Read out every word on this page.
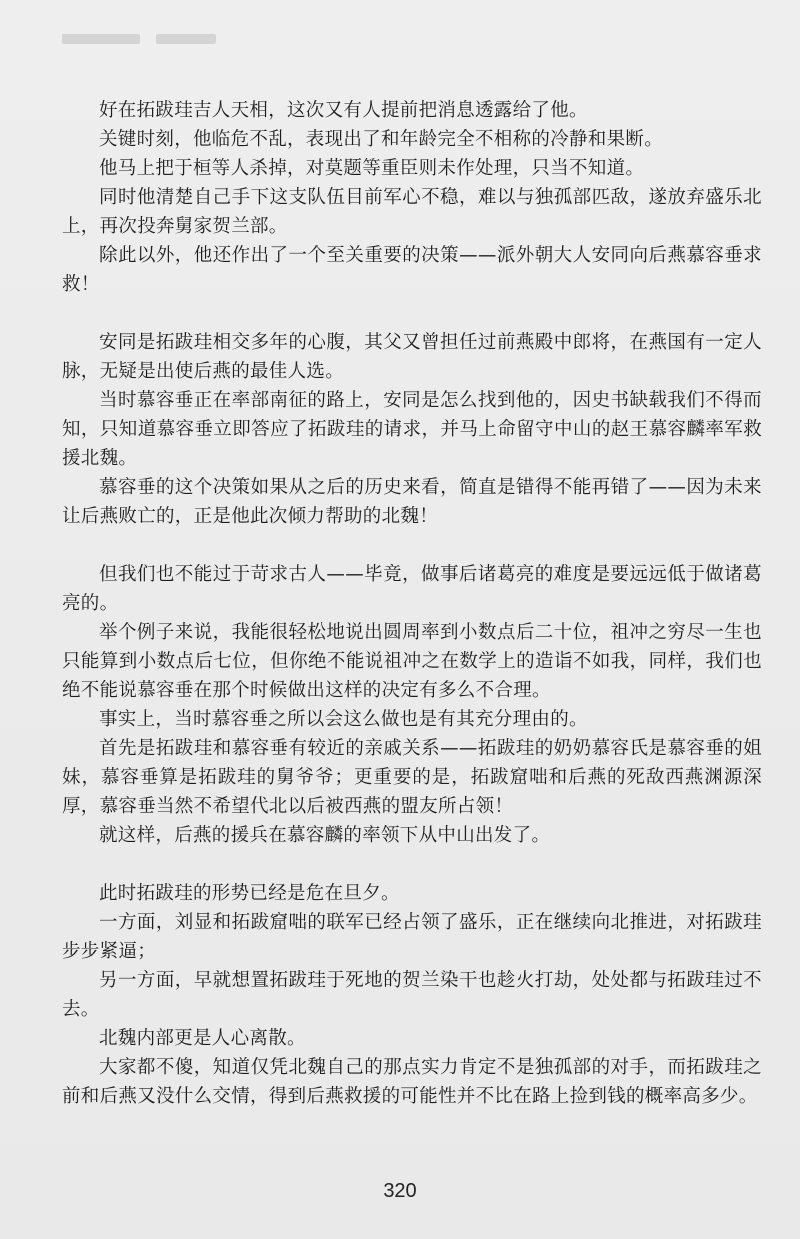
好在拓跋珪吉人天相，这次又有人提前把消息透露给了他。

关键时刻，他临危不乱，表现出了和年龄完全不相称的冷静和果断。

他马上把于桓等人杀掉，对莫题等重臣则未作处理，只当不知道。

同时他清楚自己手下这支队伍目前军心不稳，难以与独孤部匹敌，遂放弃盛乐北上，再次投奔舅家贺兰部。

除此以外，他还作出了一个至关重要的决策——派外朝大人安同向后燕慕容垂求救！

安同是拓跋珪相交多年的心腹，其父又曾担任过前燕殿中郎将，在燕国有一定人脉，无疑是出使后燕的最佳人选。

当时慕容垂正在率部南征的路上，安同是怎么找到他的，因史书缺载我们不得而知，只知道慕容垂立即答应了拓跋珪的请求，并马上命留守中山的赵王慕容麟率军救援北魏。

慕容垂的这个决策如果从之后的历史来看，简直是错得不能再错了——因为未来让后燕败亡的，正是他此次倾力帮助的北魏！

但我们也不能过于苛求古人——毕竟，做事后诸葛亮的难度是要远远低于做诸葛亮的。

举个例子来说，我能很轻松地说出圆周率到小数点后二十位，祖冲之穷尽一生也只能算到小数点后七位，但你绝不能说祖冲之在数学上的造诣不如我，同样，我们也绝不能说慕容垂在那个时候做出这样的决定有多么不合理。

事实上，当时慕容垂之所以会这么做也是有其充分理由的。

首先是拓跋珪和慕容垂有较近的亲戚关系——拓跋珪的奶奶慕容氏是慕容垂的姐妹，慕容垂算是拓跋珪的舅爷爷；更重要的是，拓跋窟咄和后燕的死敌西燕渊源深厚，慕容垂当然不希望代北以后被西燕的盟友所占领！

就这样，后燕的援兵在慕容麟的率领下从中山出发了。

此时拓跋珪的形势已经是危在旦夕。

一方面，刘显和拓跋窟咄的联军已经占领了盛乐，正在继续向北推进，对拓跋珪步步紧逼；

另一方面，早就想置拓跋珪于死地的贺兰染干也趁火打劫，处处都与拓跋珪过不去。

北魏内部更是人心离散。

大家都不傻，知道仅凭北魏自己的那点实力肯定不是独孤部的对手，而拓跋珪之前和后燕又没什么交情，得到后燕救援的可能性并不比在路上捡到钱的概率高多少。

320
